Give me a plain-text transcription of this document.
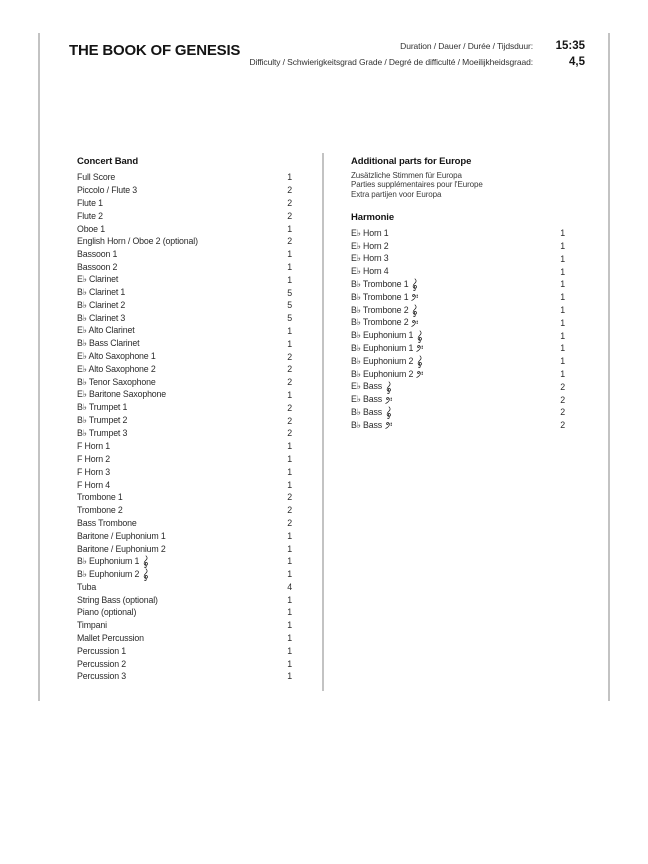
THE BOOK OF GENESIS	Duration / Dauer / Durée / Tijdsduur:	15:35
Difficulty / Schwierigkeitsgrad Grade / Degré de difficulté / Moeilijkheidsgraad:	4,5
Concert Band
Full Score	1
Piccolo / Flute 3	2
Flute 1	2
Flute 2	2
Oboe 1	1
English Horn / Oboe 2 (optional)	2
Bassoon 1	1
Bassoon 2	1
E♭ Clarinet	1
B♭ Clarinet 1	5
B♭ Clarinet 2	5
B♭ Clarinet 3	5
E♭ Alto Clarinet	1
B♭ Bass Clarinet	1
E♭ Alto Saxophone 1	2
E♭ Alto Saxophone 2	2
B♭ Tenor Saxophone	2
E♭ Baritone Saxophone	1
B♭ Trumpet 1	2
B♭ Trumpet 2	2
B♭ Trumpet 3	2
F Horn 1	1
F Horn 2	1
F Horn 3	1
F Horn 4	1
Trombone 1	2
Trombone 2	2
Bass Trombone	2
Baritone / Euphonium 1	1
Baritone / Euphonium 2	1
B♭ Euphonium 1	1
B♭ Euphonium 2	1
Tuba	4
String Bass (optional)	1
Piano (optional)	1
Timpani	1
Mallet Percussion	1
Percussion 1	1
Percussion 2	1
Percussion 3	1
Additional parts for Europe
Zusätzliche Stimmen für Europa
Parties supplémentaires pour l'Europe
Extra partijen voor Europa
Harmonie
E♭ Horn 1	1
E♭ Horn 2	1
E♭ Horn 3	1
E♭ Horn 4	1
B♭ Trombone 1	1
B♭ Trombone 1	1
B♭ Trombone 2	1
B♭ Trombone 2	1
B♭ Euphonium 1	1
B♭ Euphonium 1	1
B♭ Euphonium 2	1
B♭ Euphonium 2	1
E♭ Bass	2
E♭ Bass	2
B♭ Bass	2
B♭ Bass	2
